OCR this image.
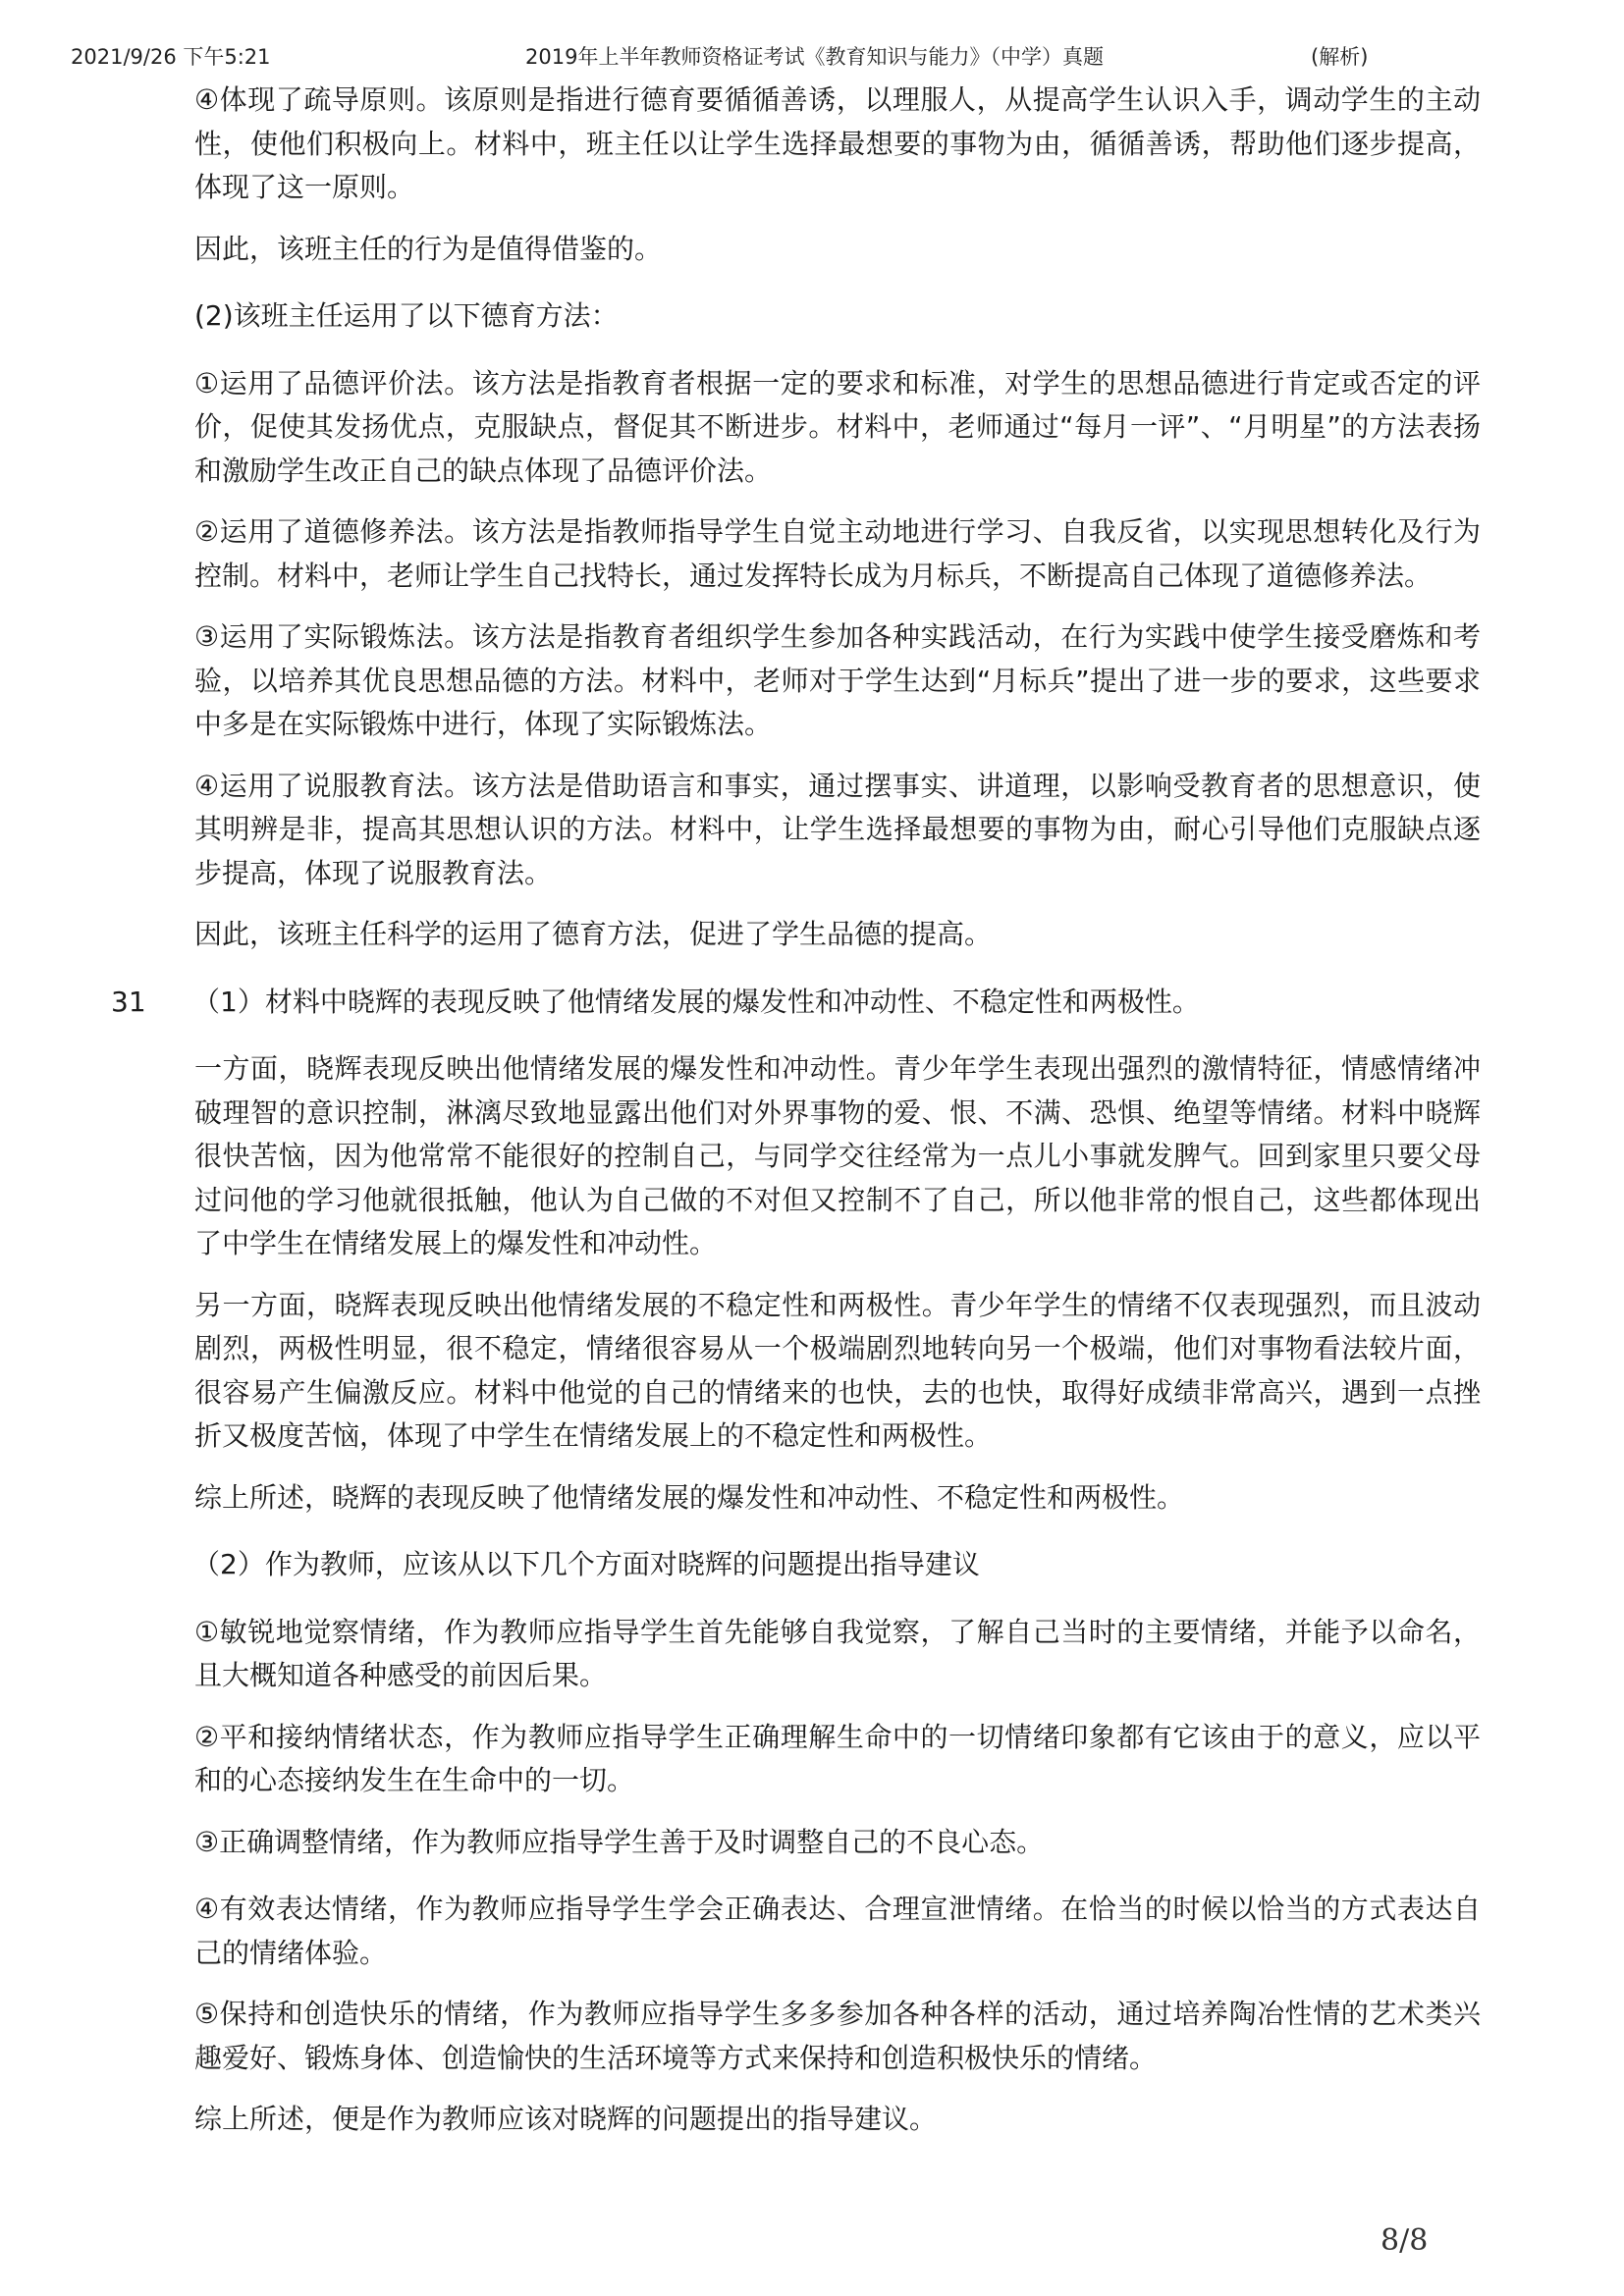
2021/9/26 下午5:21	2019年上半年教师资格证考试《教育知识与能力》（中学）真题	(解析)
31

④体现了疏导原则。该原则是指进行德育要循循善诱，以理服人，从提高学生认识入手，调动学生的主动性，使他们积极向上。材料中，班主任以让学生选择最想要的事物为由，循循善诱，帮助他们逐步提高，体现了这一原则。

因此，该班主任的行为是值得借鉴的。

(2)该班主任运用了以下德育方法：

①运用了品德评价法。该方法是指教育者根据一定的要求和标准，对学生的思想品德进行肯定或否定的评价，促使其发扬优点，克服缺点，督促其不断进步。材料中，老师通过“每月一评”、“月明星”的方法表扬和激励学生改正自己的缺点体现了品德评价法。

②运用了道德修养法。该方法是指教师指导学生自觉主动地进行学习、自我反省，以实现思想转化及行为控制。材料中，老师让学生自己找特长，通过发挥特长成为月标兵，不断提高自己体现了道德修养法。

③运用了实际锻炼法。该方法是指教育者组织学生参加各种实践活动，在行为实践中使学生接受磨炼和考验，以培养其优良思想品德的方法。材料中，老师对于学生达到“月标兵”提出了进一步的要求，这些要求中多是在实际锻炼中进行，体现了实际锻炼法。

④运用了说服教育法。该方法是借助语言和事实，通过摆事实、讲道理，以影响受教育者的思想意识，使其明辨是非，提高其思想认识的方法。材料中，让学生选择最想要的事物为由，耐心引导他们克服缺点逐步提高，体现了说服教育法。

因此，该班主任科学的运用了德育方法，促进了学生品德的提高。

（1）材料中晓辉的表现反映了他情绪发展的爆发性和冲动性、不稳定性和两极性。

一方面，晓辉表现反映出他情绪发展的爆发性和冲动性。青少年学生表现出强烈的激情特征，情感情绪冲破理智的意识控制，淋漓尽致地显露出他们对外界事物的爱、恨、不满、恐惧、绝望等情绪。材料中晓辉很快苦恼，因为他常常不能很好的控制自己，与同学交往经常为一点儿小事就发脾气。回到家里只要父母过问他的学习他就很抵触，他认为自己做的不对但又控制不了自己，所以他非常的恨自己，这些都体现出了中学生在情绪发展上的爆发性和冲动性。

另一方面，晓辉表现反映出他情绪发展的不稳定性和两极性。青少年学生的情绪不仅表现强烈，而且波动剧烈，两极性明显，很不稳定，情绪很容易从一个极端剧烈地转向另一个极端，他们对事物看法较片面，很容易产生偏激反应。材料中他觉的自己的情绪来的也快，去的也快，取得好成绩非常高兴，遇到一点挫折又极度苦恼，体现了中学生在情绪发展上的不稳定性和两极性。

综上所述，晓辉的表现反映了他情绪发展的爆发性和冲动性、不稳定性和两极性。

（2）作为教师，应该从以下几个方面对晓辉的问题提出指导建议

①敏锐地觉察情绪，作为教师应指导学生首先能够自我觉察，了解自己当时的主要情绪，并能予以命名，且大概知道各种感受的前因后果。

②平和接纳情绪状态，作为教师应指导学生正确理解生命中的一切情绪印象都有它该由于的意义，应以平和的心态接纳发生在生命中的一切。

③正确调整情绪，作为教师应指导学生善于及时调整自己的不良心态。

④有效表达情绪，作为教师应指导学生学会正确表达、合理宣泄情绪。在恰当的时候以恰当的方式表达自己的情绪体验。

⑤保持和创造快乐的情绪，作为教师应指导学生多多参加各种各样的活动，通过培养陶冶性情的艺术类兴趣爱好、锻炼身体、创造愉快的生活环境等方式来保持和创造积极快乐的情绪。

综上所述，便是作为教师应该对晓辉的问题提出的指导建议。

8/8
